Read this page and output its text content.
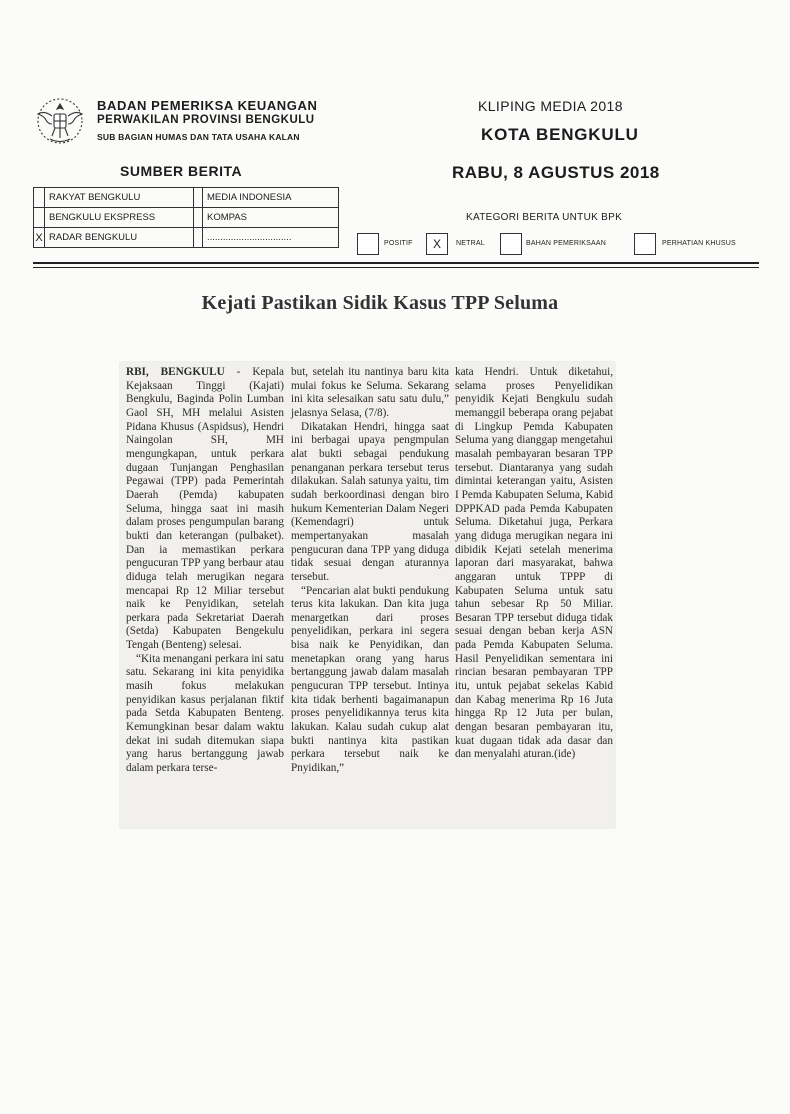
BADAN PEMERIKSA KEUANGAN
PERWAKILAN PROVINSI BENGKULU
SUB BAGIAN HUMAS DAN TATA USAHA KALAN
KLIPING MEDIA 2018
KOTA BENGKULU
SUMBER BERITA	RABU, 8 AGUSTUS 2018
	RAKYAT BENGKULU		MEDIA INDONESIA
	BENGKULU EKSPRESS		KOMPAS
X	RADAR BENGKULU		................................
KATEGORI BERITA UNTUK BPK
POSITIF	X	NETRAL	BAHAN PEMERIKSAAN	PERHATIAN KHUSUS
Kejati Pastikan Sidik Kasus TPP Seluma

RBI, BENGKULU - Kepala Kejaksaan Tinggi (Kajati) Bengkulu, Baginda Polin Lumban Gaol SH, MH melalui Asisten Pidana Khusus (Aspidsus), Hendri Naingolan SH, MH mengungkapan, untuk perkara dugaan Tunjangan Penghasilan Pegawai (TPP) pada Pemerintah Daerah (Pemda) kabupaten Seluma, hingga saat ini masih dalam proses pengumpulan barang bukti dan keterangan (pulbaket). Dan ia memastikan perkara pengucuran TPP yang berbaur atau diduga telah merugikan negara mencapai Rp 12 Miliar tersebut naik ke Penyidikan, setelah perkara pada Sekretariat Daerah (Setda) Kabupaten Bengekulu Tengah (Benteng) selesai.

“Kita menangani perkara ini satu satu. Sekarang ini kita penyidika masih fokus melakukan penyidikan kasus perjalanan fiktif pada Setda Kabupaten Benteng. Kemungkinan besar dalam waktu dekat ini sudah ditemukan siapa yang harus bertanggung jawab dalam perkara terse-

but, setelah itu nantinya baru kita mulai fokus ke Seluma. Sekarang ini kita selesaikan satu satu dulu,” jelasnya Selasa, (7/8).

Dikatakan Hendri, hingga saat ini berbagai upaya pengmpulan alat bukti sebagai pendukung penanganan perkara tersebut terus dilakukan. Salah satunya yaitu, tim sudah berkoordinasi dengan biro hukum Kementerian Dalam Negeri (Kemendagri) untuk mempertanyakan masalah pengucuran dana TPP yang diduga tidak sesuai dengan aturannya tersebut.

“Pencarian alat bukti pendukung terus kita lakukan. Dan kita juga menargetkan dari proses penyelidikan, perkara ini segera bisa naik ke Penyidikan, dan menetapkan orang yang harus bertanggung jawab dalam masalah pengucuran TPP tersebut. Intinya kita tidak berhenti bagaimanapun proses penyelidikannya terus kita lakukan. Kalau sudah cukup alat bukti nantinya kita pastikan perkara tersebut naik ke Pnyidikan,”

kata Hendri. Untuk diketahui, selama proses Penyelidikan penyidik Kejati Bengkulu sudah memanggil beberapa orang pejabat di Lingkup Pemda Kabupaten Seluma yang dianggap mengetahui masalah pembayaran besaran TPP tersebut. Diantaranya yang sudah dimintai keterangan yaitu, Asisten I Pemda Kabupaten Seluma, Kabid DPPKAD pada Pemda Kabupaten Seluma. Diketahui juga, Perkara yang diduga merugikan negara ini dibidik Kejati setelah menerima laporan dari masyarakat, bahwa anggaran untuk TPPP di Kabupaten Seluma untuk satu tahun sebesar Rp 50 Miliar. Besaran TPP tersebut diduga tidak sesuai dengan beban kerja ASN pada Pemda Kabupaten Seluma. Hasil Penyelidikan sementara ini rincian besaran pembayaran TPP itu, untuk pejabat sekelas Kabid dan Kabag menerima Rp 16 Juta hingga Rp 12 Juta per bulan, dengan besaran pembayaran itu, kuat dugaan tidak ada dasar dan dan menyalahi aturan.(ide)
